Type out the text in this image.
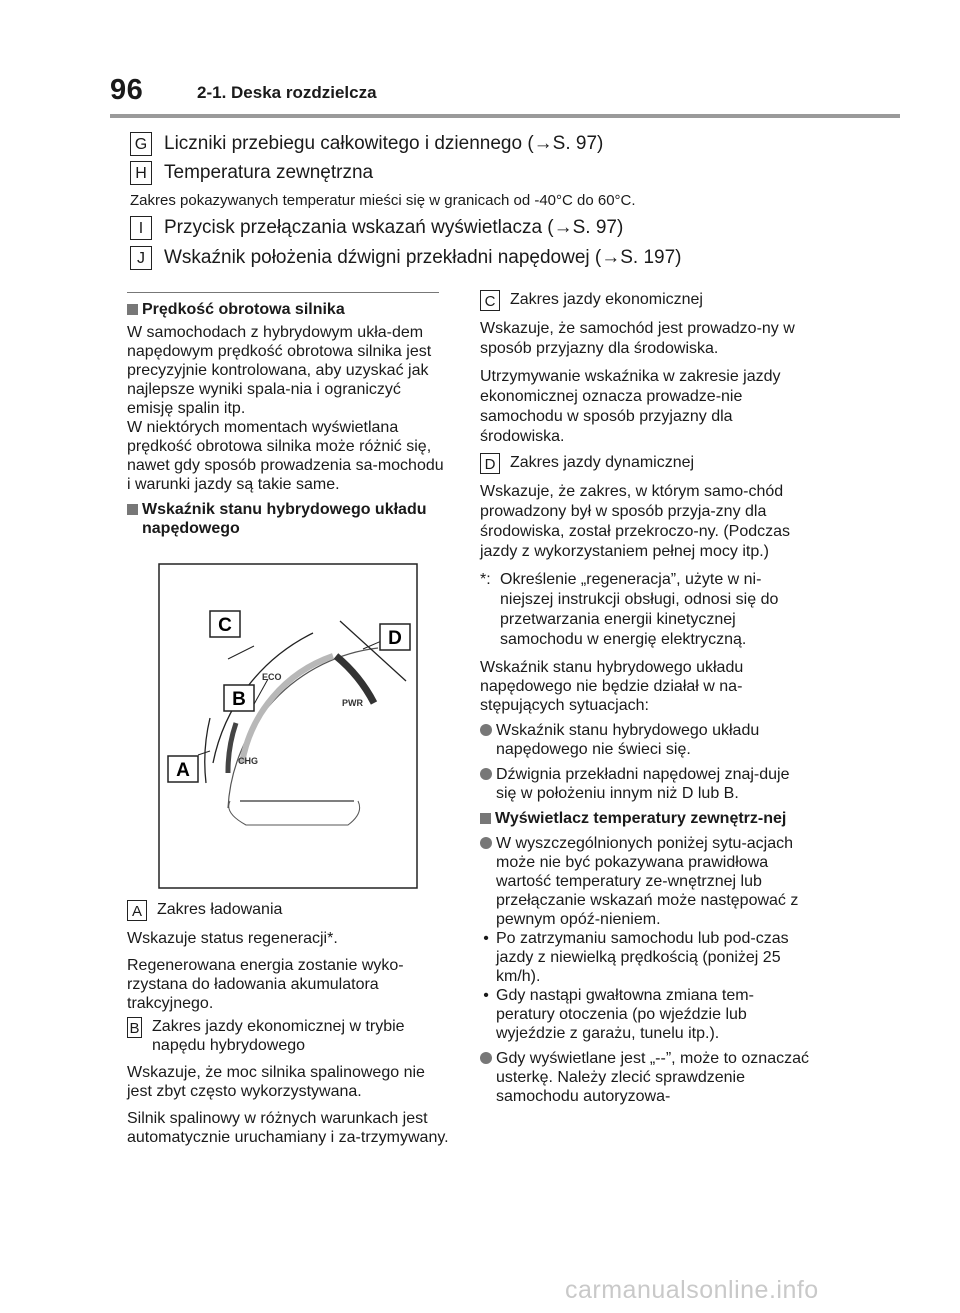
96	2-1. Deska rozdzielcza
G Liczniki przebiegu całkowitego i dziennego (→S. 97)
H Temperatura zewnętrzna
Zakres pokazywanych temperatur mieści się w granicach od -40°C do 60°C.
I	Przycisk przełączania wskazań wyświetlacza (→S. 97)
J	Wskaźnik położenia dźwigni przekładni napędowej (→S. 197)
Prędkość obrotowa silnika

W samochodach z hybrydowym ukła-dem napędowym prędkość obrotowa silnika jest precyzyjnie kontrolowana, aby uzyskać jak najlepsze wyniki spala-nia i ograniczyć emisję spalin itp.

W niektórych momentach wyświetlana prędkość obrotowa silnika może różnić się, nawet gdy sposób prowadzenia sa-mochodu i warunki jazdy są takie same.

Wskaźnik stanu hybrydowego układu napędowego
C
D
B
A
ECO
PWR
CHG
A Zakres ładowania

Wskazuje status regeneracji*.

Regenerowana energia zostanie wyko-rzystana do ładowania akumulatora trakcyjnego.

B Zakres jazdy ekonomicznej w trybie napędu hybrydowego

Wskazuje, że moc silnika spalinowego nie jest zbyt często wykorzystywana.

Silnik spalinowy w różnych warunkach jest automatycznie uruchamiany i za-trzymywany.

C Zakres jazdy ekonomicznej

Wskazuje, że samochód jest prowadzo-ny w sposób przyjazny dla środowiska.

Utrzymywanie wskaźnika w zakresie jazdy ekonomicznej oznacza prowadze-nie samochodu w sposób przyjazny dla środowiska.

D Zakres jazdy dynamicznej

Wskazuje, że zakres, w którym samo-chód prowadzony był w sposób przyja-zny dla środowiska, został przekroczo-ny. (Podczas jazdy z wykorzystaniem pełnej mocy itp.)

*: Określenie „regeneracja”, użyte w ni-niejszej instrukcji obsługi, odnosi się do przetwarzania energii kinetycznej samochodu w energię elektryczną.

Wskaźnik stanu hybrydowego układu napędowego nie będzie działał w na-stępujących sytuacjach:

Wskaźnik stanu hybrydowego układu napędowego nie świeci się.
Dźwignia przekładni napędowej znaj-duje się w położeniu innym niż D lub B.
Wyświetlacz temperatury zewnętrz-nej
W wyszczególnionych poniżej sytu-acjach może nie być pokazywana prawidłowa wartość temperatury ze-wnętrznej lub przełączanie wskazań może następować z pewnym opóź-nieniem.
• Po zatrzymaniu samochodu lub pod-czas jazdy z niewielką prędkością (poniżej 25 km/h).
• Gdy nastąpi gwałtowna zmiana tem-peratury otoczenia (po wjeździe lub wyjeździe z garażu, tunelu itp.).
Gdy wyświetlane jest „--”, może to oznaczać usterkę. Należy zlecić sprawdzenie samochodu autoryzowa-
carmanualsonline.info
